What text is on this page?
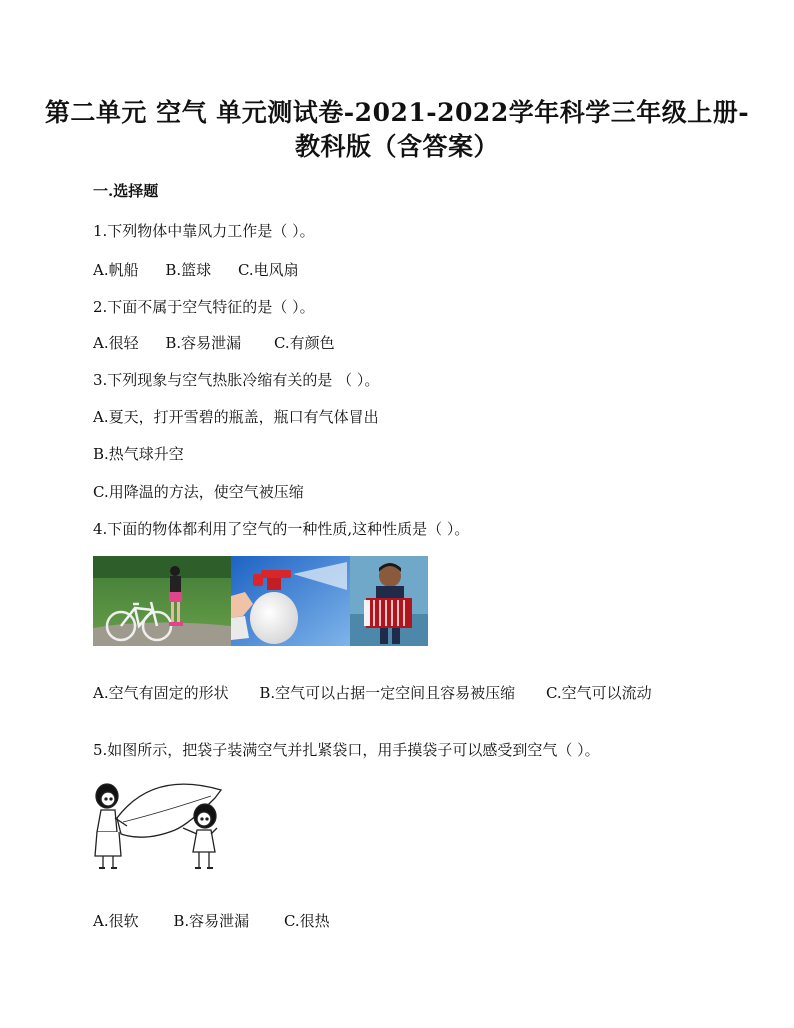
第二单元 空气 单元测试卷-2021-2022学年科学三年级上册-
教科版（含答案）
一.选择题
1.下列物体中靠风力工作是（ ）。
A.帆船 B.篮球 C.电风扇
2.下面不属于空气特征的是（ ）。
A.很轻 B.容易泄漏 C.有颜色
3.下列现象与空气热胀冷缩有关的是 （ ）。
A.夏天，打开雪碧的瓶盖，瓶口有气体冒出
B.热气球升空
C.用降温的方法，使空气被压缩
4.下面的物体都利用了空气的一种性质,这种性质是（ ）。
A.空气有固定的形状 B.空气可以占据一定空间且容易被压缩 C.空气可以流动
5.如图所示，把袋子装满空气并扎紧袋口，用手摸袋子可以感受到空气（ ）。
A.很软 B.容易泄漏 C.很热
